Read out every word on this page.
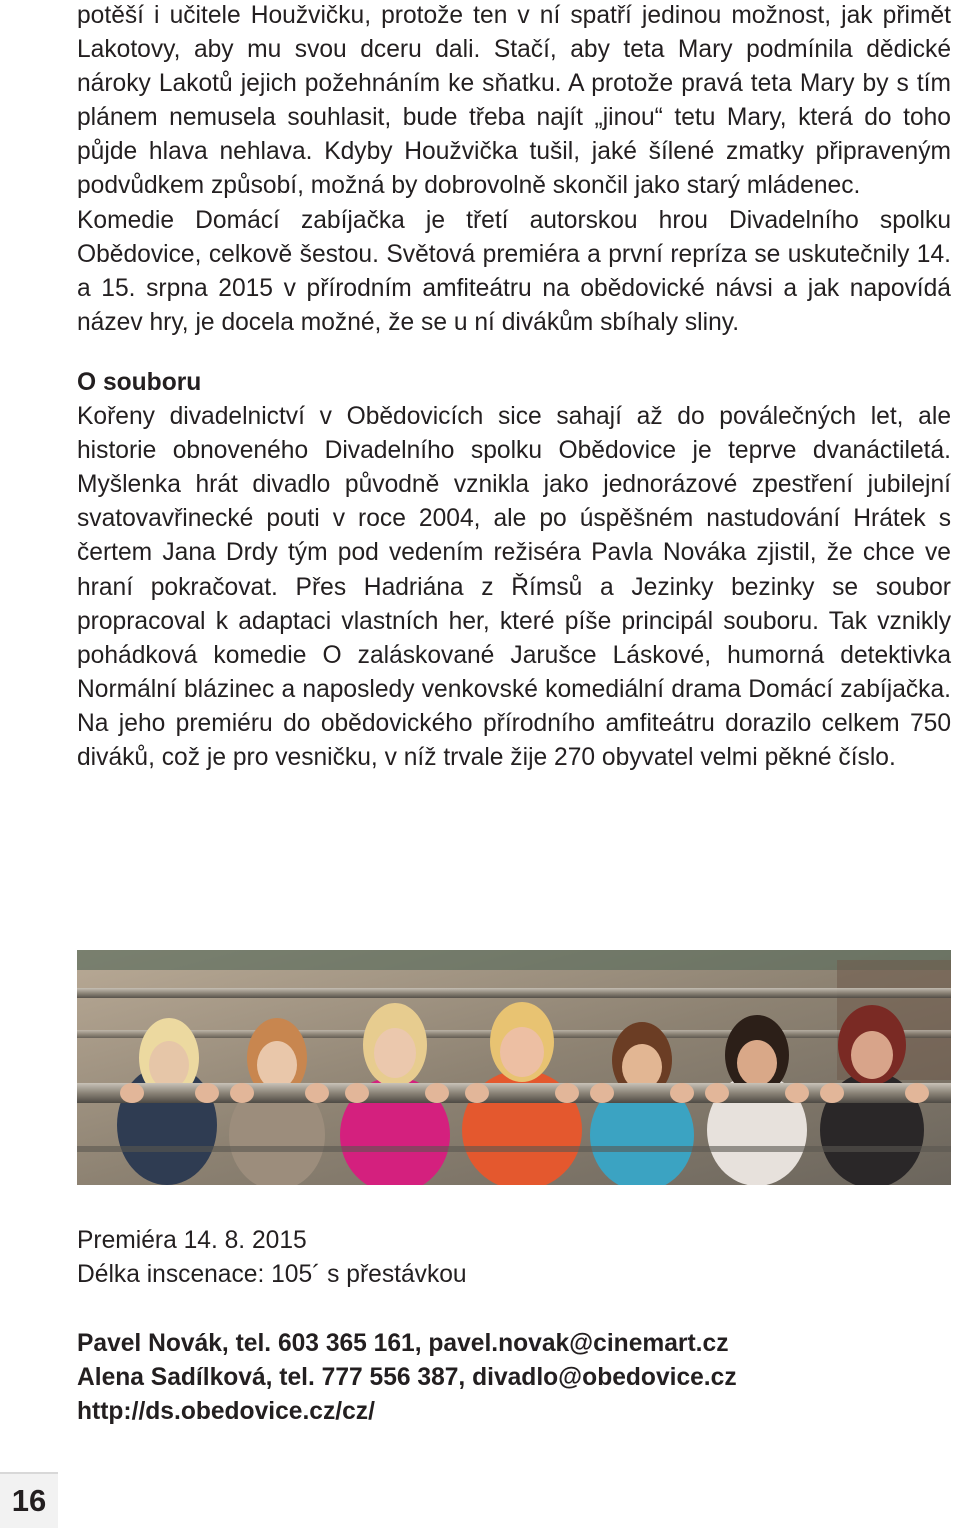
potěší i učitele Houžvičku, protože ten v ní spatří jedinou možnost, jak přimět Lakotovy, aby mu svou dceru dali. Stačí, aby teta Mary podmínila dědické nároky Lakotů jejich požehnáním ke sňatku. A protože pravá teta Mary by s tím plánem nemusela souhlasit, bude třeba najít „jinou“ tetu Mary, která do toho půjde hlava nehlava. Kdyby Houžvička tušil, jaké šílené zmatky připraveným podvůdkem způsobí, možná by dobrovolně skončil jako starý mládenec.

Komedie Domácí zabíjačka je třetí autorskou hrou Divadelního spolku Obědovice, celkově šestou. Světová premiéra a první repríza se uskutečnily 14. a 15. srpna 2015 v přírodním amfiteátru na obědovické návsi a jak napovídá název hry, je docela možné, že se u ní divákům sbíhaly sliny.

O souboru

Kořeny divadelnictví v Obědovicích sice sahají až do poválečných let, ale historie obnoveného Divadelního spolku Obědovice je teprve dvanáctiletá. Myšlenka hrát divadlo původně vznikla jako jednorázové zpestření jubilejní svatovavřinecké pouti v roce 2004, ale po úspěšném nastudování Hrátek s čertem Jana Drdy tým pod vedením režiséra Pavla Nováka zjistil, že chce ve hraní pokračovat. Přes Hadriána z Římsů a Jezinky bezinky se soubor propracoval k adaptaci vlastních her, které píše principál souboru. Tak vznikly pohádková komedie O zaláskované Jarušce Láskové, humorná detektivka Normální blázinec a naposledy venkovské komediální drama Domácí zabíjačka. Na jeho premiéru do obědovického přírodního amfiteátru dorazilo celkem 750 diváků, což je pro vesničku, v níž trvale žije 270 obyvatel velmi pěkné číslo.

Premiéra 14. 8. 2015
Délka inscenace: 105´ s přestávkou
Pavel Novák, tel. 603 365 161, pavel.novak@cinemart.cz
Alena Sadílková, tel. 777 556 387, divadlo@obedovice.cz
http://ds.obedovice.cz/cz/
16
